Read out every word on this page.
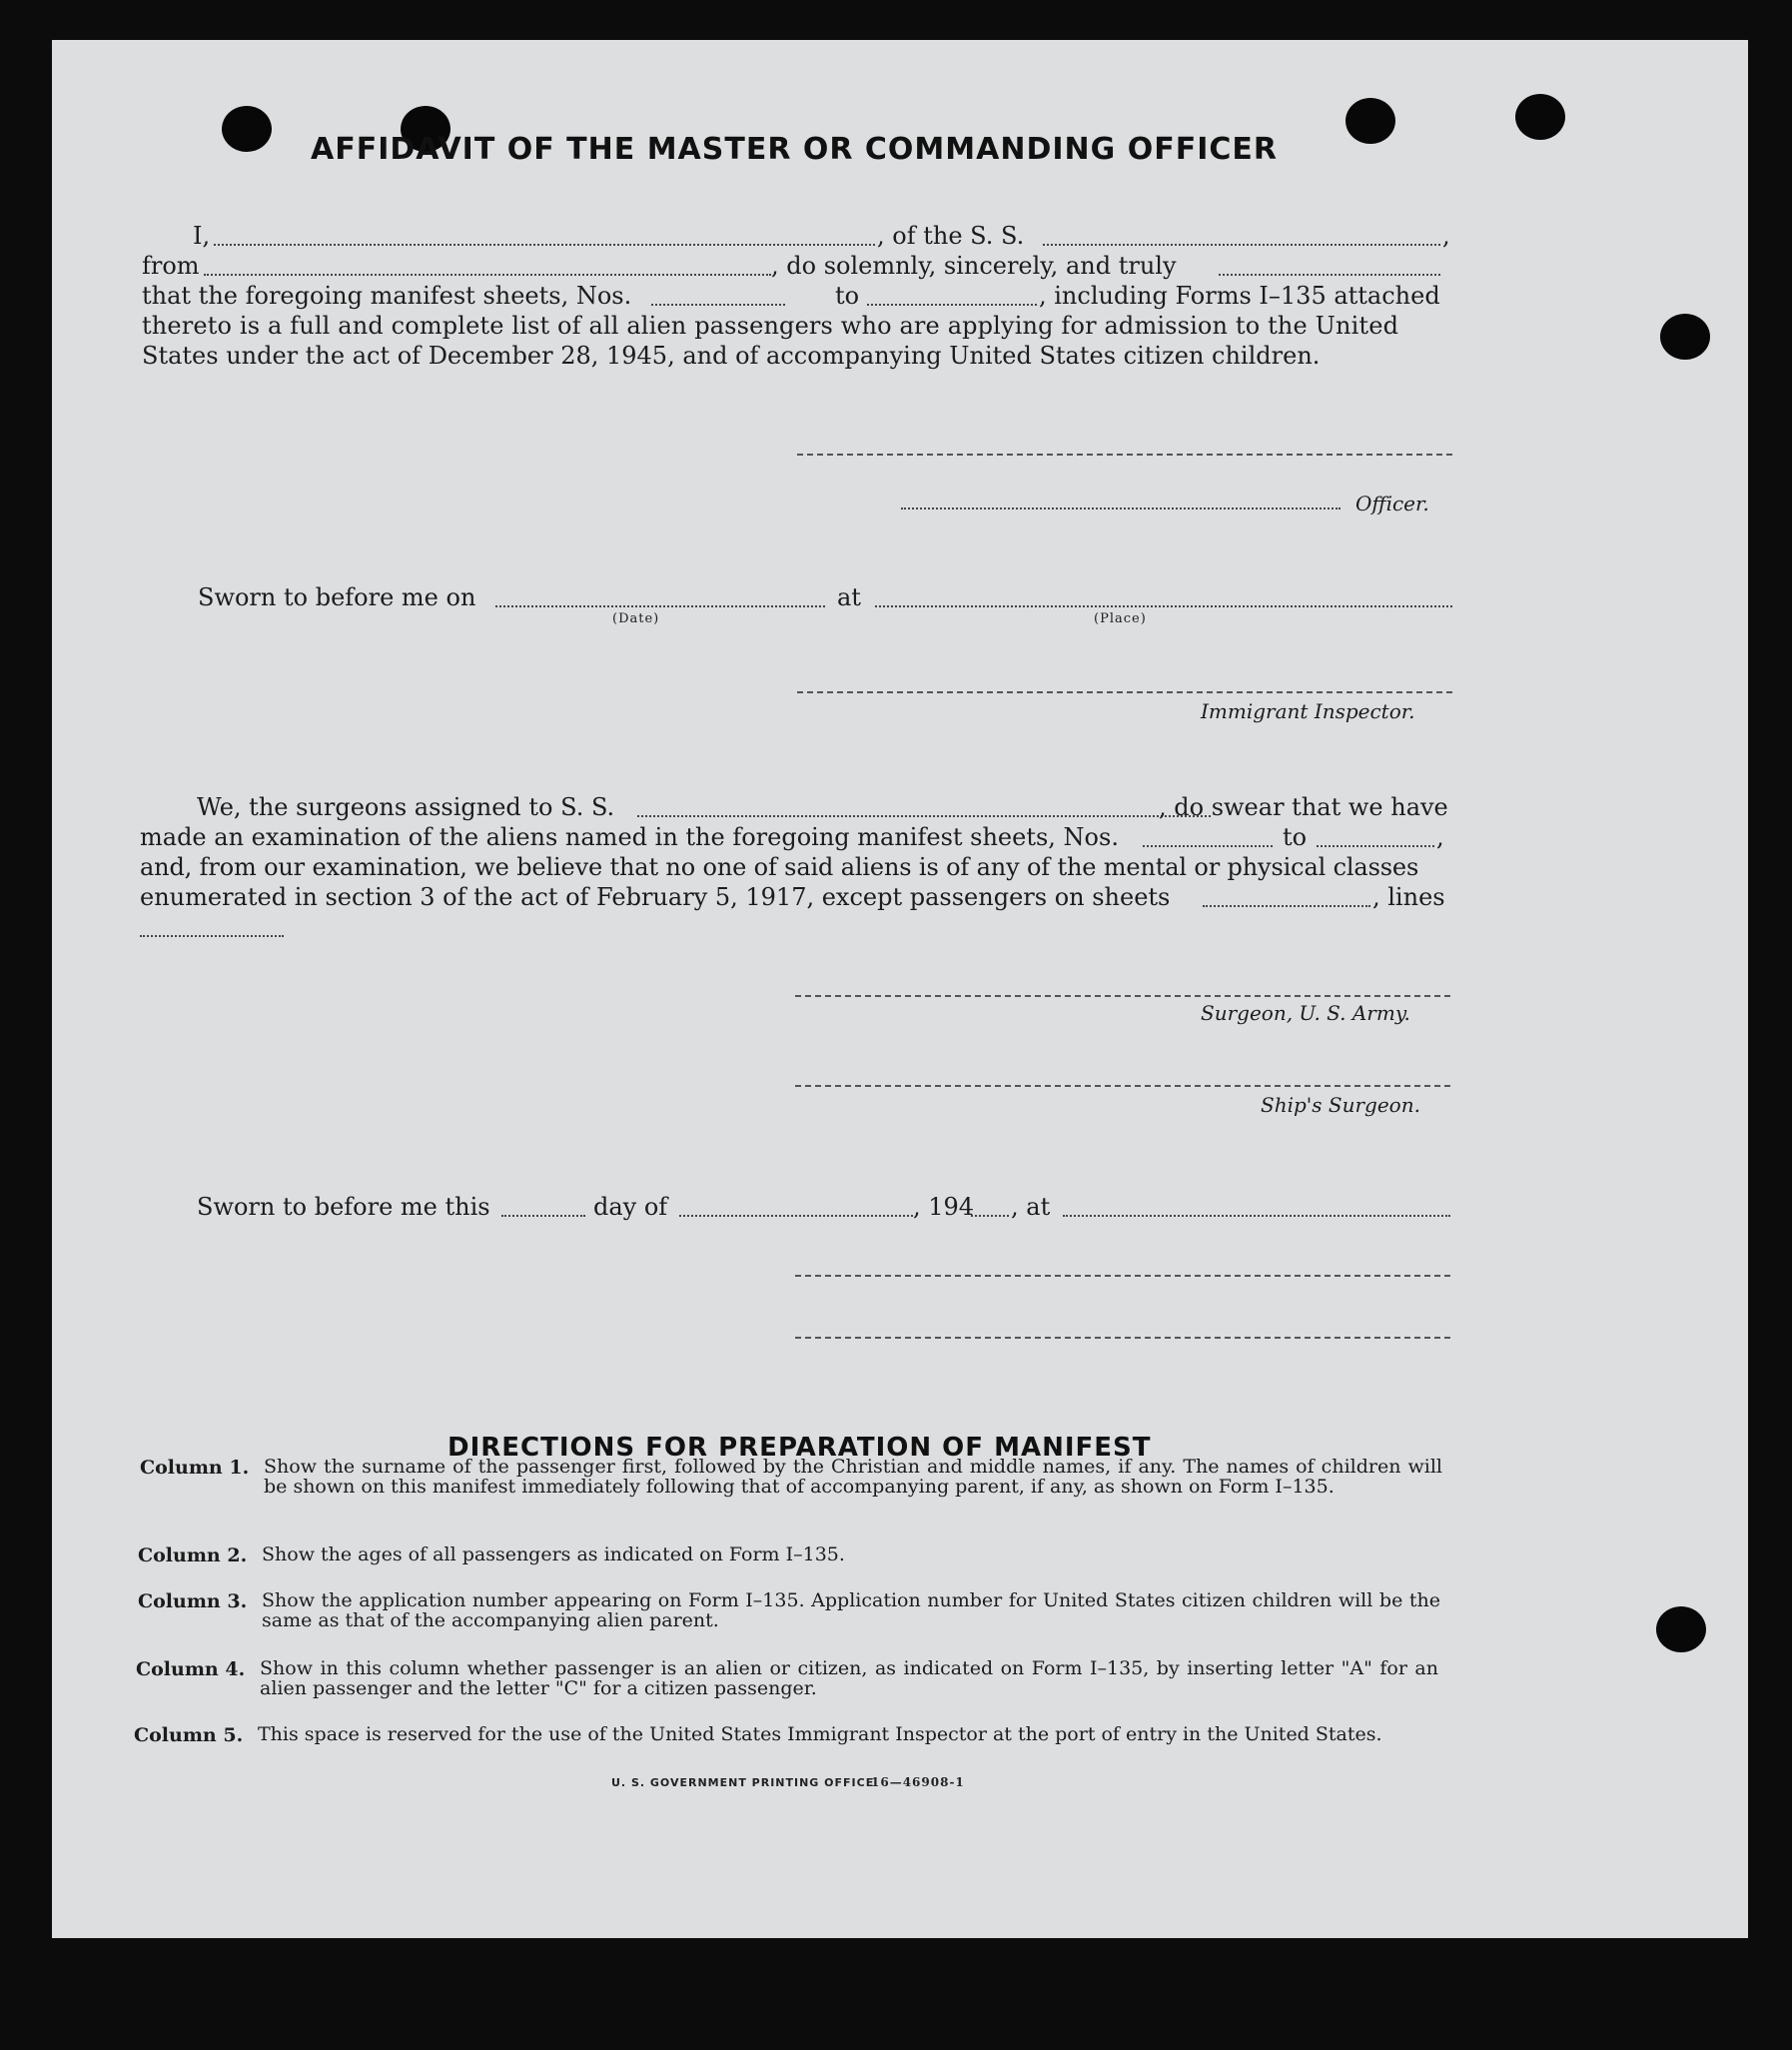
AFFIDAVIT OF THE MASTER OR COMMANDING OFFICER
I,	, of the S. S.	,
from	, do solemnly, sincerely, and truly
that the foregoing manifest sheets, Nos.	to	, including Forms I–135 attached
thereto is a full and complete list of all alien passengers who are applying for admission to the United
States under the act of December 28, 1945, and of accompanying United States citizen children.
Officer.
Sworn to before me on	at
(Date)	(Place)
Immigrant Inspector.
We, the surgeons assigned to S. S.	, do swear that we have
made an examination of the aliens named in the foregoing manifest sheets, Nos.	to	,
and, from our examination, we believe that no one of said aliens is of any of the mental or physical classes
enumerated in section 3 of the act of February 5, 1917, except passengers on sheets	, lines
Surgeon, U. S. Army.
Ship's Surgeon.
Sworn to before me this	day of	, 194 , at
DIRECTIONS FOR PREPARATION OF MANIFEST
Column 1. Show the surname of the passenger first, followed by the Christian and middle names, if any. The names of children will be shown on this manifest immediately following that of accompanying parent, if any, as shown on Form I–135.
Column 2. Show the ages of all passengers as indicated on Form I–135.
Column 3. Show the application number appearing on Form I–135. Application number for United States citizen children will be the same as that of the accompanying alien parent.
Column 4. Show in this column whether passenger is an alien or citizen, as indicated on Form I–135, by inserting letter "A" for an alien passenger and the letter "C" for a citizen passenger.
Column 5. This space is reserved for the use of the United States Immigrant Inspector at the port of entry in the United States.
U. S. GOVERNMENT PRINTING OFFICE
16—46908-1
